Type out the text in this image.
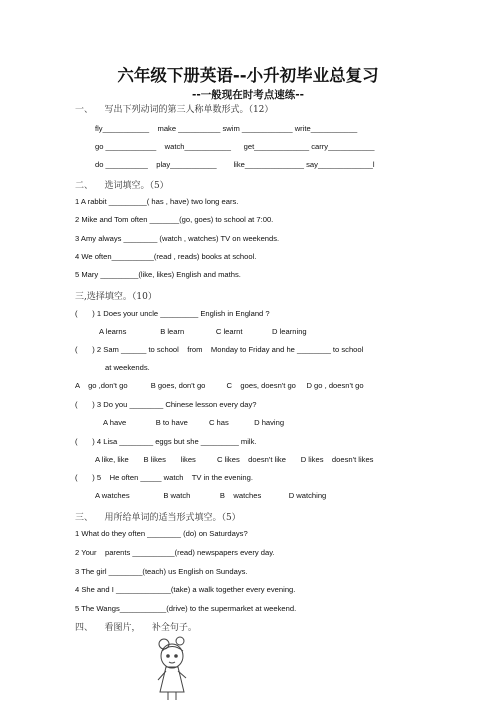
六年级下册英语--小升初毕业总复习
--一般现在时考点速练--
一、    写出下列动词的第三人称单数形式。（12）
fly___________    make __________ swim ____________ write___________
go ____________    watch___________      get_____________ carry___________
do __________    play___________        like______________ say_____________l
二、    选词填空。（5）
1 A rabbit _________( has , have) two long ears.
2 Mike and Tom often _______(go, goes) to school at 7:00.
3 Amy always ________ (watch , watches) TV on weekends.
4 We often__________(read , reads) books at school.
5 Mary _________(like, likes) English and maths.
三,选择填空。（10）
(       ) 1 Does your uncle _________ English in England ?
A learns                B learn               C learnt              D learning
(       ) 2 Sam ______ to school    from    Monday to Friday and he ________ to school
at weekends.
A    go ,don't go           B goes, don't go          C    goes, doesn't go     D go , doesn't go
(       ) 3 Do you ________ Chinese lesson every day?
A have              B to have          C has            D having
(       ) 4 Lisa ________ eggs but she _________ milk.
A like, like       B likes       likes          C likes    doesn't like       D likes    doesn't likes
(       ) 5    He often _____ watch    TV in the evening.
A watches                B watch              B    watches             D watching
三、    用所给单词的适当形式填空。（5）
1 What do they often ________ (do) on Saturdays?
2 Your    parents __________(read) newspapers every day.
3 The girl ________(teach) us English on Sundays.
4 She and I _____________(take) a walk together every evening.
5 The Wangs___________(drive) to the supermarket at weekend.
四、    看图片，    补全句子。
